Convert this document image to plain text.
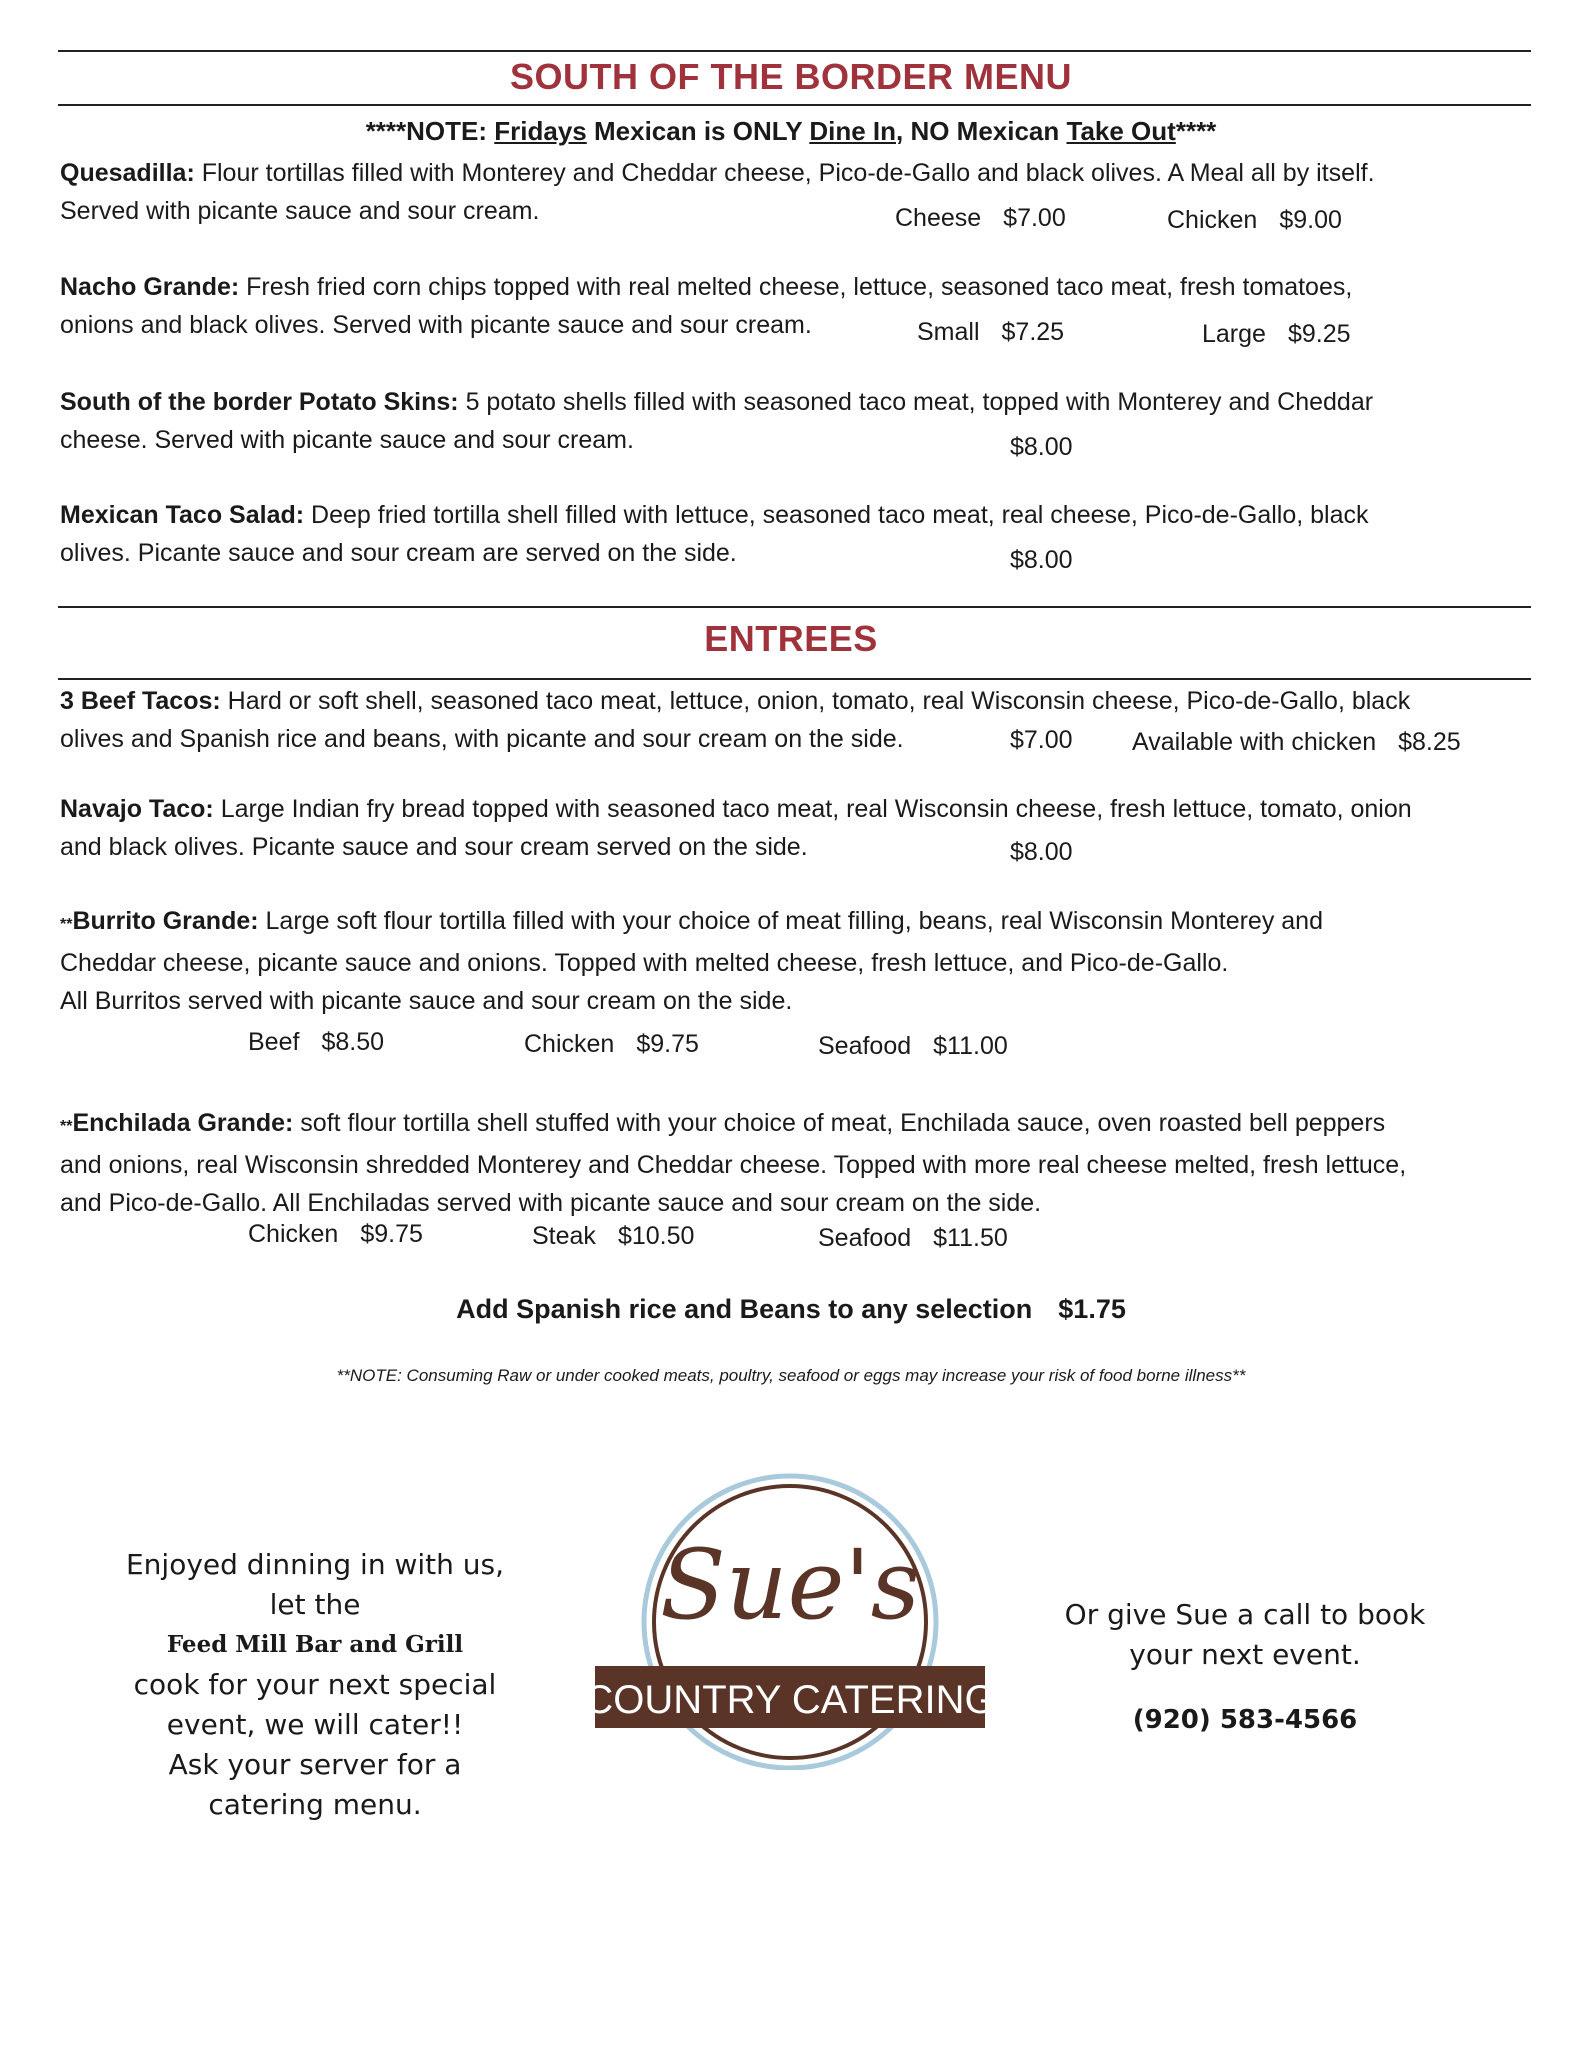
SOUTH OF THE BORDER MENU
****NOTE: Fridays Mexican is ONLY Dine In, NO Mexican Take Out****
Quesadilla: Flour tortillas filled with Monterey and Cheddar cheese, Pico-de-Gallo and black olives. A Meal all by itself.
Served with picante sauce and sour cream.	Cheese $7.00	Chicken $9.00
Nacho Grande: Fresh fried corn chips topped with real melted cheese, lettuce, seasoned taco meat, fresh tomatoes,
onions and black olives. Served with picante sauce and sour cream.	Small $7.25	Large $9.25
South of the border Potato Skins: 5 potato shells filled with seasoned taco meat, topped with Monterey and Cheddar
cheese. Served with picante sauce and sour cream.	$8.00
Mexican Taco Salad: Deep fried tortilla shell filled with lettuce, seasoned taco meat, real cheese, Pico-de-Gallo, black
olives. Picante sauce and sour cream are served on the side.	$8.00
ENTREES
3 Beef Tacos: Hard or soft shell, seasoned taco meat, lettuce, onion, tomato, real Wisconsin cheese, Pico-de-Gallo, black
olives and Spanish rice and beans, with picante and sour cream on the side.	$7.00 Available with chicken $8.25
Navajo Taco: Large Indian fry bread topped with seasoned taco meat, real Wisconsin cheese, fresh lettuce, tomato, onion
and black olives. Picante sauce and sour cream served on the side.	$8.00
**Burrito Grande: Large soft flour tortilla filled with your choice of meat filling, beans, real Wisconsin Monterey and
Cheddar cheese, picante sauce and onions. Topped with melted cheese, fresh lettuce, and Pico-de-Gallo.
All Burritos served with picante sauce and sour cream on the side.
Beef $8.50	Chicken $9.75	Seafood $11.00
**Enchilada Grande: soft flour tortilla shell stuffed with your choice of meat, Enchilada sauce, oven roasted bell peppers
and onions, real Wisconsin shredded Monterey and Cheddar cheese. Topped with more real cheese melted, fresh lettuce,
and Pico-de-Gallo. All Enchiladas served with picante sauce and sour cream on the side.
Chicken $9.75	Steak $10.50	Seafood $11.50
Add Spanish rice and Beans to any selection $1.75
**NOTE: Consuming Raw or under cooked meats, poultry, seafood or eggs may increase your risk of food borne illness**
Enjoyed dinning in with us,
let the
Feed Mill Bar and Grill
cook for your next special
event, we will cater!!
Ask your server for a
catering menu.
Sue's
COUNTRY CATERING
Or give Sue a call to book
your next event.
(920) 583-4566
